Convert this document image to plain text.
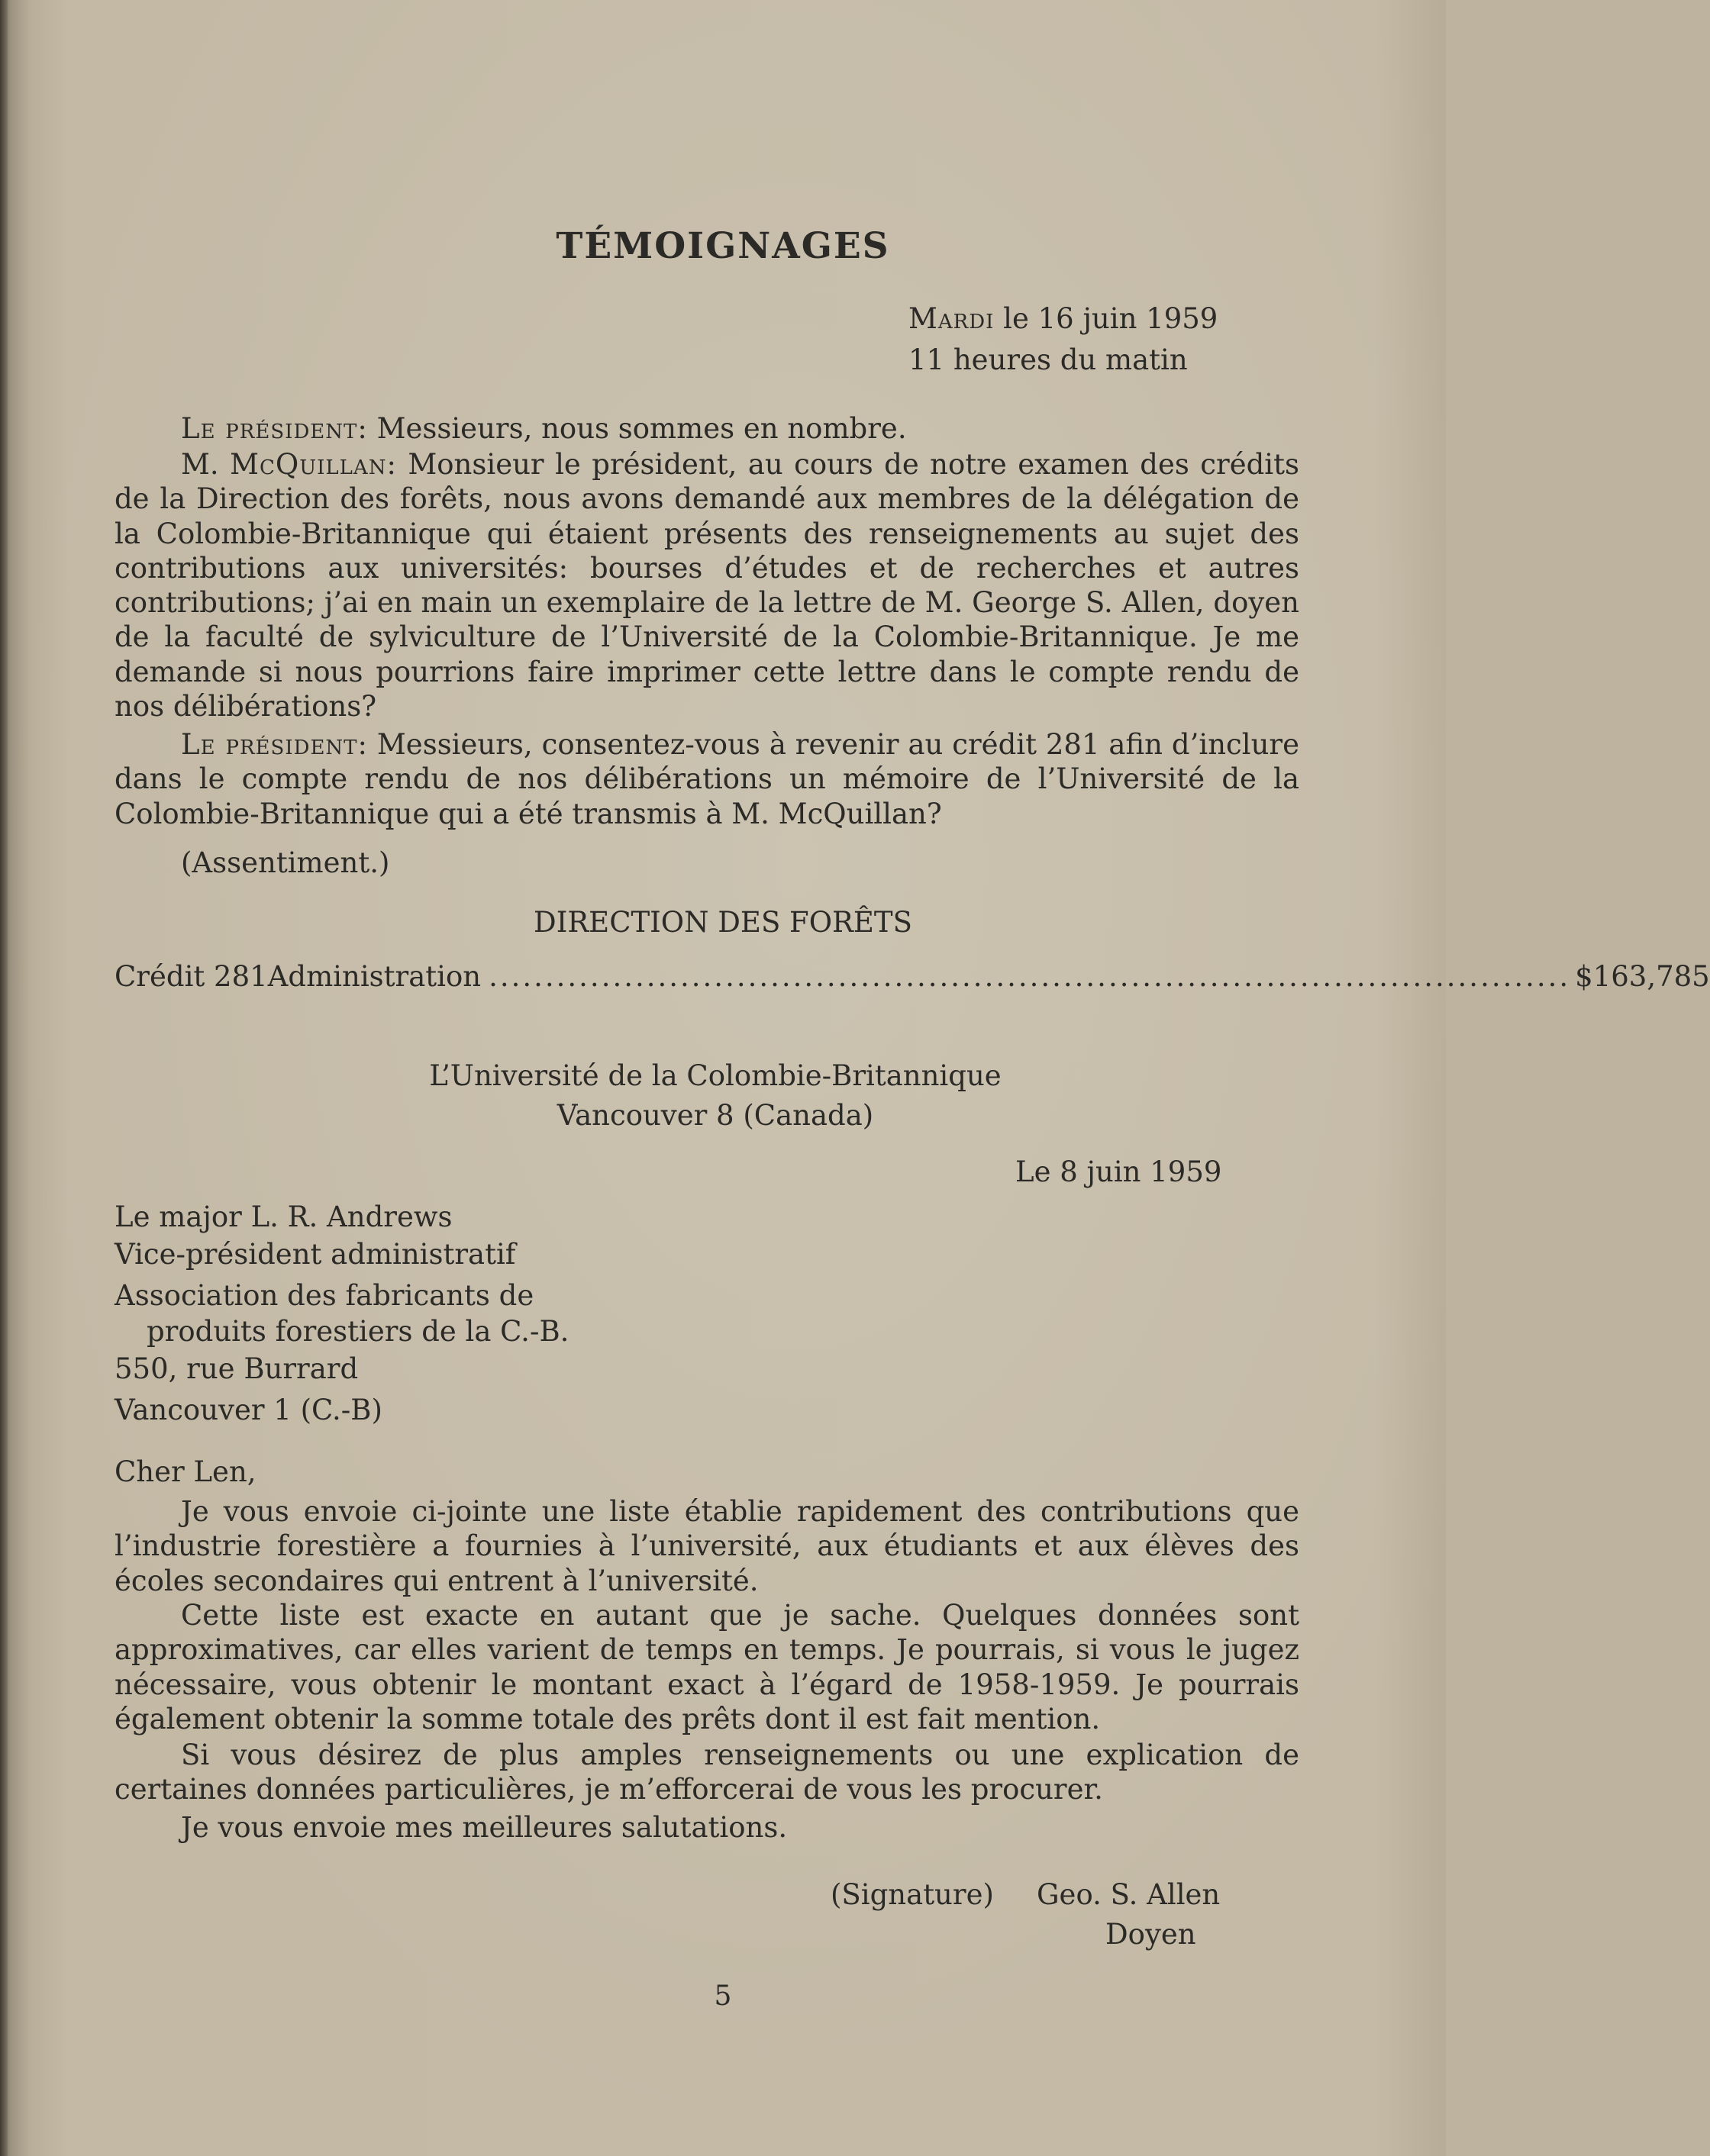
TÉMOIGNAGES
Mardi le 16 juin 1959
11 heures du matin
Le président: Messieurs, nous sommes en nombre.
M. McQuillan: Monsieur le président, au cours de notre examen des crédits de la Direction des forêts, nous avons demandé aux membres de la délégation de la Colombie-Britannique qui étaient présents des renseignements au sujet des contributions aux universités: bourses d’études et de recherches et autres contributions; j’ai en main un exemplaire de la lettre de M. George S. Allen, doyen de la faculté de sylviculture de l’Université de la Colombie-Britannique. Je me demande si nous pourrions faire imprimer cette lettre dans le compte rendu de nos délibérations?
Le président: Messieurs, consentez-vous à revenir au crédit 281 afin d’inclure dans le compte rendu de nos délibérations un mémoire de l’Université de la Colombie-Britannique qui a été transmis à M. McQuillan?
(Assentiment.)
DIRECTION DES FORÊTS
Crédit 281 Administration ................................................................................................ $ 163,785
L’Université de la Colombie-Britannique
Vancouver 8 (Canada)
Le 8 juin 1959
Le major L. R. Andrews
Vice-président administratif
Association des fabricants de
produits forestiers de la C.-B.
550, rue Burrard
Vancouver 1 (C.-B)
Cher Len,
Je vous envoie ci-jointe une liste établie rapidement des contributions que l’industrie forestière a fournies à l’université, aux étudiants et aux élèves des écoles secondaires qui entrent à l’université.
Cette liste est exacte en autant que je sache. Quelques données sont approximatives, car elles varient de temps en temps. Je pourrais, si vous le jugez nécessaire, vous obtenir le montant exact à l’égard de 1958-1959. Je pourrais également obtenir la somme totale des prêts dont il est fait mention.
Si vous désirez de plus amples renseignements ou une explication de certaines données particulières, je m’efforcerai de vous les procurer.
Je vous envoie mes meilleures salutations.
(Signature) Geo. S. Allen
Doyen
5
